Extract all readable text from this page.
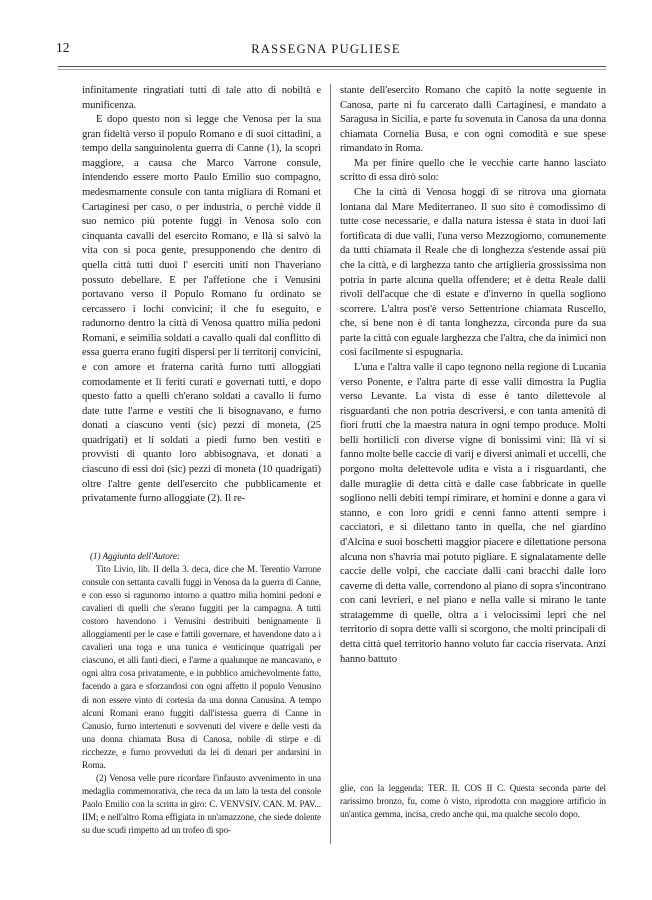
12	RASSEGNA PUGLIESE

infinitamente ringratiati tutti di tale atto di nobiltà e munificenza.

E dopo questo non si legge che Venosa per la sua gran fideltà verso il populo Romano e di suoi cittadini, a tempo della sanguinolenta guerra di Canne (1), la scoprì maggiore, a causa che Marco Varrone consule, intendendo essere morto Paulo Emilio suo compagno, medesmamente consule con tanta migliara di Romani et Cartaginesi per caso, o per industria, o perchè vidde il suo nemico più potente fuggì in Venosa solo con cinquanta cavalli del esercito Romano, e llà si salvò la vita con si poca gente, presupponendo che dentro di quella città tutti duoi l' eserciti uniti non l'haveriano possuto debellare. E per l'affetione che i Venusini portavano verso il Populo Romano fu ordinato se cercassero i lochi convicini; il che fu eseguito, e radunorno dentro la città di Venosa quattro milia pedoni Romani, e seimilia soldati a cavallo quali dal conflitto di essa guerra erano fugiti dispersi per li territorij convicini, e con amore et fraterna carità furno tutti alloggiati comodamente et li feriti curati e governati tutti, e dopo questo fatto a quelli ch'erano soldati a cavallo li furno date tutte l'arme e vestiti che li bisognavano, e furno donati a ciascuno venti (sic) pezzi di moneta, (25 quadrigati) et li soldati a piedi furno ben vestiti e provvisti di quanto loro abbisognava, et donati a ciascuno di essi doi (sic) pezzi di moneta (10 quadrigati) oltre l'altre gente dell'esercito che pubblicamente et privatamente furno alloggiate (2). Il re-

(1) Aggiunta dell'Autore:

Tito Livio, lib. II della 3. deca, dice che M. Terentio Varrone consule con settanta cavalli fuggì in Venosa da la guerra di Canne, e con esso si ragunorno intorno a quattro milia homini pedoni e cavalieri di quelli che s'erano fuggiti per la campagna. A tutti costoro havendono i Venusini destribuiti benignamente li alloggiamenti per le case e fattili governare, et havendone dato a i cavalieri una toga e una tunica e venticinque quatrigali per ciascuno, et alli fanti dieci, e l'arme a qualunque ne mancavano, e ogni altra cosa privatamente, e in pubblico amichevolmente fatto, facendo a gara e sforzandosi con ogni affetto il populo Venusino di non essere vinto di cortesia da una donna Canusina. A tempo alcuni Romani erano fuggiti dall'istessa guerra di Canne in Canusio, furno intertenuti e sovvenuti del vivere e delle vesti da una donna chiamata Busa di Canosa, nobile di stirpe e di ricchezze, e furno provveduti da lei di denari per andarsini in Roma.

(2) Venosa velle pure ricordare l'infausto avvenimento in una medaglia commemorativa, che reca da un lato la testa del console Paolo Emilio con la scritta in giro: C. VENVSIV. CAN. M. PAV... IIM; e nell'altro Roma effigiata in un'amazzone, che siede dolente su due scudi rimpetto ad un trofeo di spo-

stante dell'esercito Romano che capitò la notte seguente in Canosa, parte ni fu carcerato dalli Cartaginesi, e mandato a Saragusa in Sicilia, e parte fu sovenuta in Canosa da una donna chiamata Cornelia Busa, e con ogni comodità e sue spese rimandato in Roma.

Ma per finire quello che le vecchie carte hanno lasciato scritto di essa dirò solo:

Che la città di Venosa hoggi dì se ritrova una giornata lontana dal Mare Mediterraneo. Il suo sito è comodissimo di tutte cose necessarie, e dalla natura istessa è stata in duoi lati fortificata di due valli, l'una verso Mezzogiorno, comunemente da tutti chiamata il Reale che di longhezza s'estende assai più che la città, e di larghezza tanto che artiglieria grossissima non potria in parte alcuna quella offendere; et è detta Reale dalli rivoli dell'acque che di estate e d'inverno in quella sogliono scorrere. L'altra post'è verso Settentrione chiamata Ruscello, che, si bene non è di tanta longhezza, circonda pure da sua parte la città con eguale larghezza che l'altra, che da inimici non così facilmente si espugnaria.

L'una e l'altra valle il capo tegnono nella regione di Lucania verso Ponente, e l'altra parte di esse valli dimostra la Puglia verso Levante. La vista di esse è tanto dilettevole al risguardanti che non potria descriversi, e con tanta amenità di fiori frutti che la maestra natura in ogni tempo produce. Molti belli hortilicli con diverse vigne di bonissimi vini: llà vi si fanno molte belle caccie di varij e diversi animali et uccelli, che porgono molta delettevole udita e vista a i risguardanti, che dalle muraglie di detta città e dalle case fabbricate in quelle sogliono nelli debiti tempi rimirare, et homini e donne a gara vi stanno, e con loro gridi e cenni fanno attenti sempre i cacciatori, e si dilettano tanto in quella, che nel giardino d'Alcina e suoi boschetti maggior piacere e dilettatione persona alcuna non s'havria mai potuto pigliare. E signalatamente delle caccie delle volpi, che cacciate dalli cani bracchi dalle loro caverne di detta valle, correndono al piano di sopra s'incontrano con cani levrieri, e nel piano e nella valle si mirano le tante stratagemme di quelle, oltra a i velocissimi lepri che nel territorio di sopra dette valli si scorgono, che molti principali di detta città quel territorio hanno voluto far caccia riservata. Anzi hanno battuto

glie, con la leggenda: TER. II. COS II C. Questa seconda parte del rarissimo bronzo, fu, come ò visto, riprodotta con maggiore artificio in un'antica gemma, incisa, credo anche qui, ma qualche secolo dopo.
